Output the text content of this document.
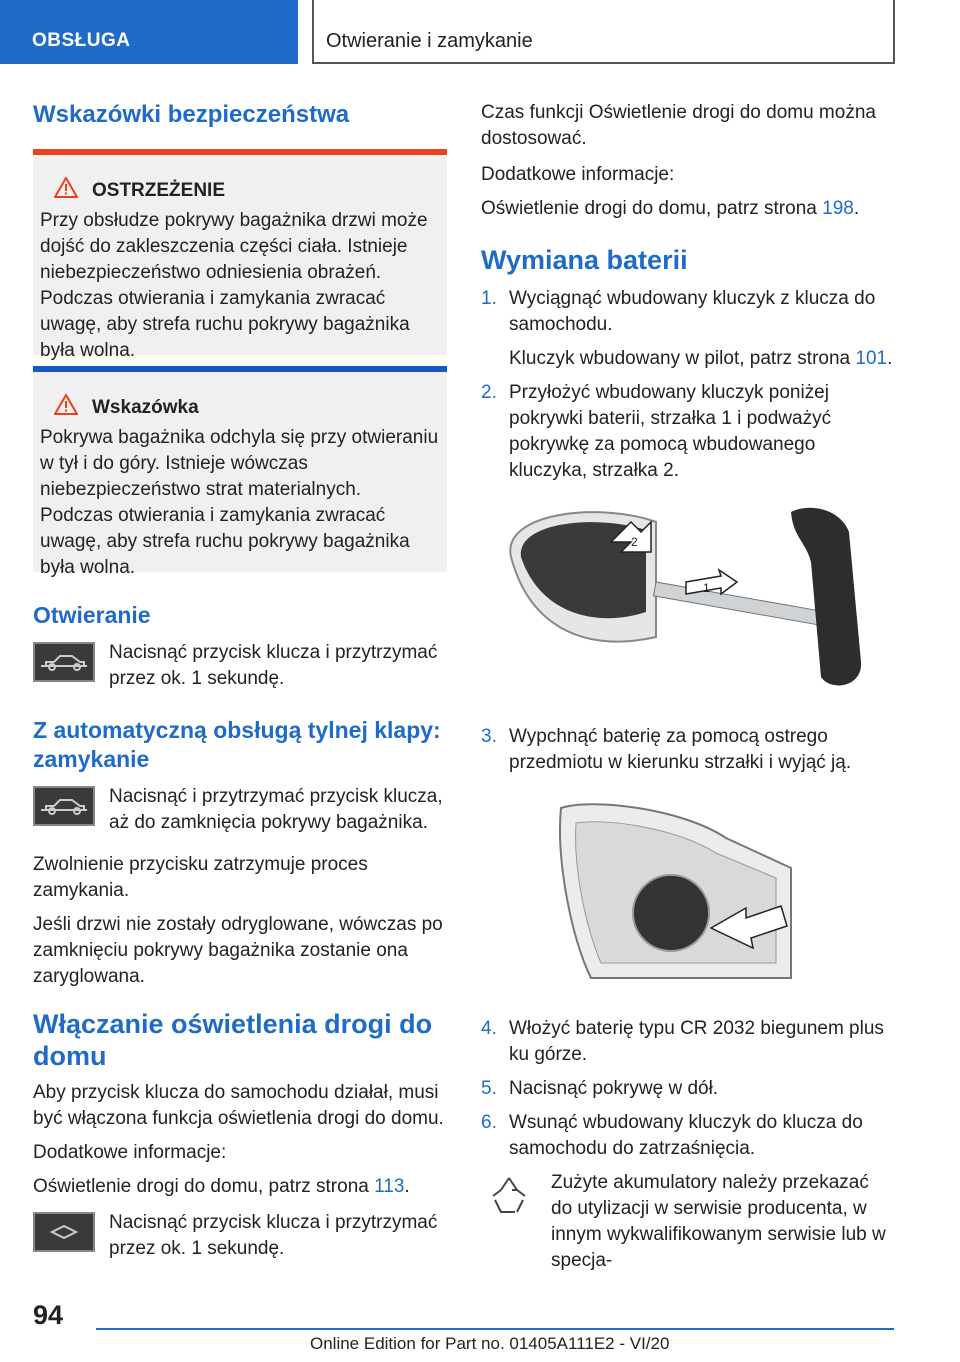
OBSŁUGA	Otwieranie i zamykanie
Wskazówki bezpieczeństwa
OSTRZEŻENIE
Przy obsłudze pokrywy bagażnika drzwi może dojść do zakleszczenia części ciała. Istnieje niebezpieczeństwo odniesienia obrażeń. Podczas otwierania i zamykania zwracać uwagę, aby strefa ruchu pokrywy bagażnika była wolna.
Wskazówka
Pokrywa bagażnika odchyla się przy otwieraniu w tył i do góry. Istnieje wówczas niebezpieczeństwo strat materialnych. Podczas otwierania i zamykania zwracać uwagę, aby strefa ruchu pokrywy bagażnika była wolna.
Otwieranie

Nacisnąć przycisk klucza i przytrzymać przez ok. 1 sekundę.

Z automatyczną obsługą tylnej klapy: zamykanie

Nacisnąć i przytrzymać przycisk klucza, aż do zamknięcia pokrywy bagażnika.

Zwolnienie przycisku zatrzymuje proces zamykania.

Jeśli drzwi nie zostały odryglowane, wówczas po zamknięciu pokrywy bagażnika zostanie ona zaryglowana.

Włączanie oświetlenia drogi do domu

Aby przycisk klucza do samochodu działał, musi być włączona funkcja oświetlenia drogi do domu.

Dodatkowe informacje:

Oświetlenie drogi do domu, patrz strona 113.

Nacisnąć przycisk klucza i przytrzymać przez ok. 1 sekundę.

Czas funkcji Oświetlenie drogi do domu można dostosować.

Dodatkowe informacje:

Oświetlenie drogi do domu, patrz strona 198.

Wymiana baterii
1. Wyciągnąć wbudowany kluczyk z klucza do samochodu.
Kluczyk wbudowany w pilot, patrz strona 101.
2. Przyłożyć wbudowany kluczyk poniżej pokrywki baterii, strzałka 1 i podważyć pokrywkę za pomocą wbudowanego kluczyka, strzałka 2.
1
2
3. Wypchnąć baterię za pomocą ostrego przedmiotu w kierunku strzałki i wyjąć ją.
4. Włożyć baterię typu CR 2032 biegunem plus ku górze.
5. Nacisnąć pokrywę w dół.
6. Wsunąć wbudowany kluczyk do klucza do samochodu do zatrzaśnięcia.

Zużyte akumulatory należy przekazać do utylizacji w serwisie producenta, w innym wykwalifikowanym serwisie lub w specja-

94
Online Edition for Part no. 01405A111E2 - VI/20
